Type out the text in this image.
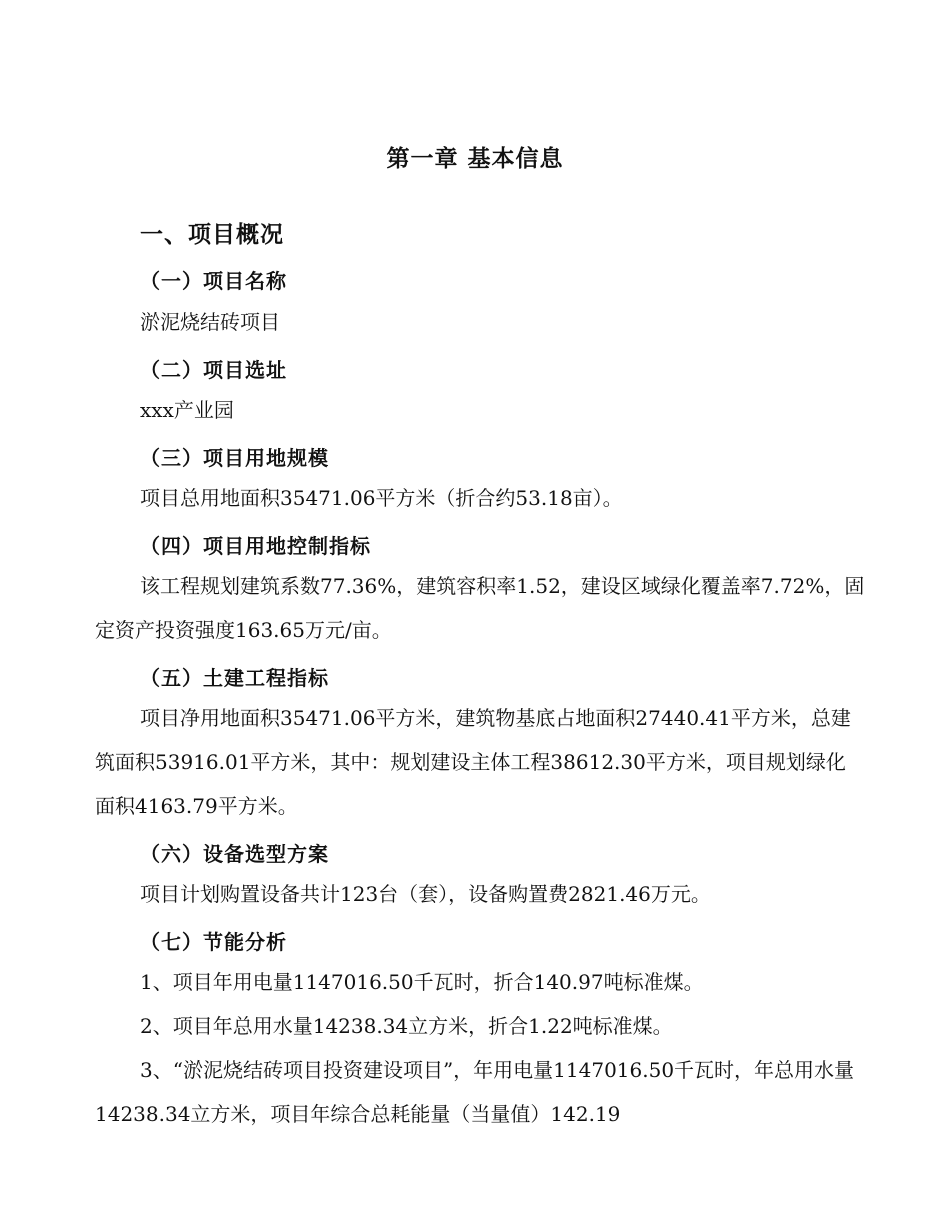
第一章 基本信息
一、项目概况
（一）项目名称
淤泥烧结砖项目
（二）项目选址
xxx产业园
（三）项目用地规模
项目总用地面积35471.06平方米（折合约53.18亩）。
（四）项目用地控制指标
该工程规划建筑系数77.36%，建筑容积率1.52，建设区域绿化覆盖率7.72%，固定资产投资强度163.65万元/亩。
（五）土建工程指标
项目净用地面积35471.06平方米，建筑物基底占地面积27440.41平方米，总建筑面积53916.01平方米，其中：规划建设主体工程38612.30平方米，项目规划绿化面积4163.79平方米。
（六）设备选型方案
项目计划购置设备共计123台（套），设备购置费2821.46万元。
（七）节能分析
1、项目年用电量1147016.50千瓦时，折合140.97吨标准煤。
2、项目年总用水量14238.34立方米，折合1.22吨标准煤。
3、“淤泥烧结砖项目投资建设项目”，年用电量1147016.50千瓦时，年总用水量14238.34立方米，项目年综合总耗能量（当量值）142.19
